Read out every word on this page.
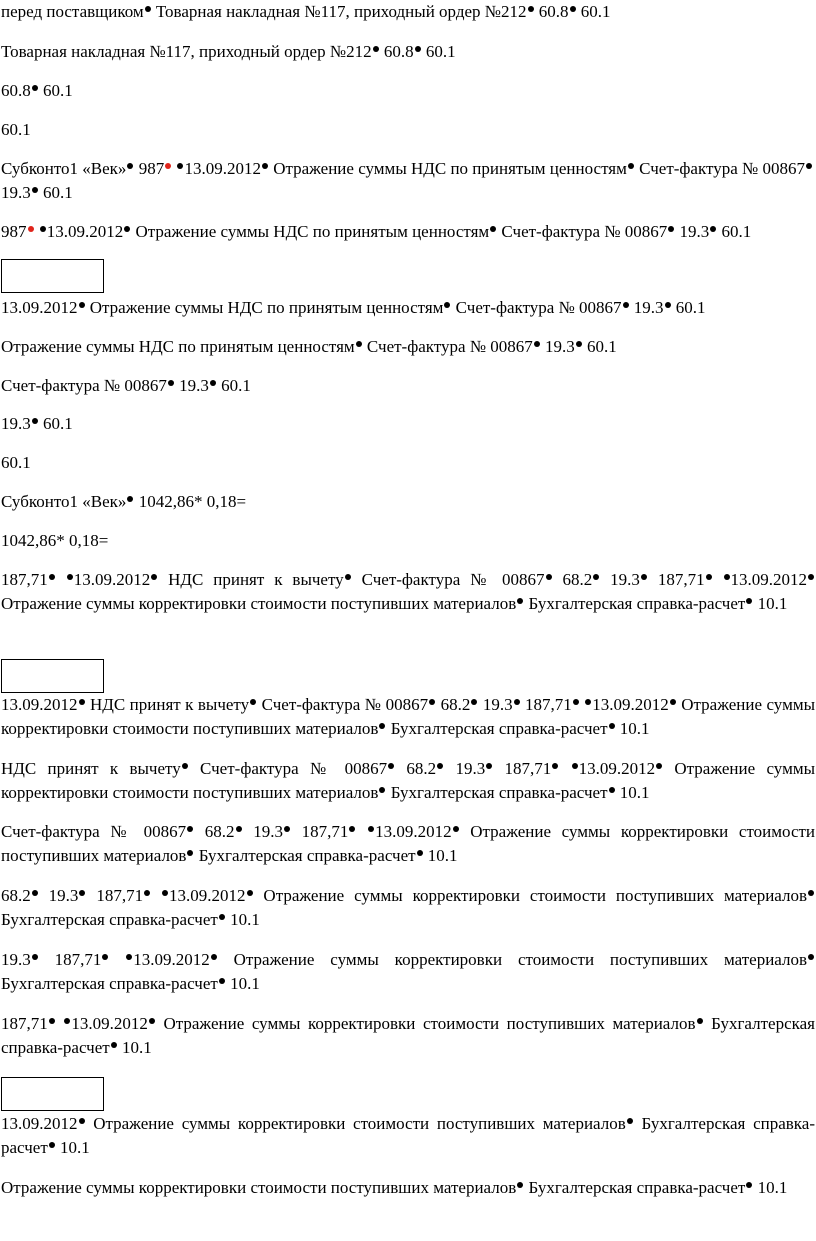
перед поставщиком Товарная накладная №117, приходный ордер №212 60.8 60.1

Товарная накладная №117, приходный ордер №212 60.8 60.1

60.8 60.1

60.1

Субконто1 «Век» 987 13.09.2012 Отражение суммы НДС по принятым ценностям Счет-фактура № 00867 19.3 60.1

987 13.09.2012 Отражение суммы НДС по принятым ценностям Счет-фактура № 00867 19.3 60.1

13.09.2012 Отражение суммы НДС по принятым ценностям Счет-фактура № 00867 19.3 60.1

Отражение суммы НДС по принятым ценностям Счет-фактура № 00867 19.3 60.1

Счет-фактура № 00867 19.3 60.1

19.3 60.1

60.1

Субконто1 «Век» 1042,86* 0,18=

1042,86* 0,18=

187,71 13.09.2012 НДС принят к вычету Счет-фактура № 00867 68.2 19.3 187,71 13.09.2012 Отражение суммы корректировки стоимости поступивших материалов Бухгалтерская справка-расчет 10.1

13.09.2012 НДС принят к вычету Счет-фактура № 00867 68.2 19.3 187,71 13.09.2012 Отражение суммы корректировки стоимости поступивших материалов Бухгалтерская справка-расчет 10.1

НДС принят к вычету Счет-фактура № 00867 68.2 19.3 187,71 13.09.2012 Отражение суммы корректировки стоимости поступивших материалов Бухгалтерская справка-расчет 10.1

Счет-фактура № 00867 68.2 19.3 187,71 13.09.2012 Отражение суммы корректировки стоимости поступивших материалов Бухгалтерская справка-расчет 10.1

68.2 19.3 187,71 13.09.2012 Отражение суммы корректировки стоимости поступивших материалов Бухгалтерская справка-расчет 10.1

19.3 187,71 13.09.2012 Отражение суммы корректировки стоимости поступивших материалов Бухгалтерская справка-расчет 10.1

187,71 13.09.2012 Отражение суммы корректировки стоимости поступивших материалов Бухгалтерская справка-расчет 10.1

13.09.2012 Отражение суммы корректировки стоимости поступивших материалов Бухгалтерская справка-расчет 10.1

Отражение суммы корректировки стоимости поступивших материалов Бухгалтерская справка-расчет 10.1
